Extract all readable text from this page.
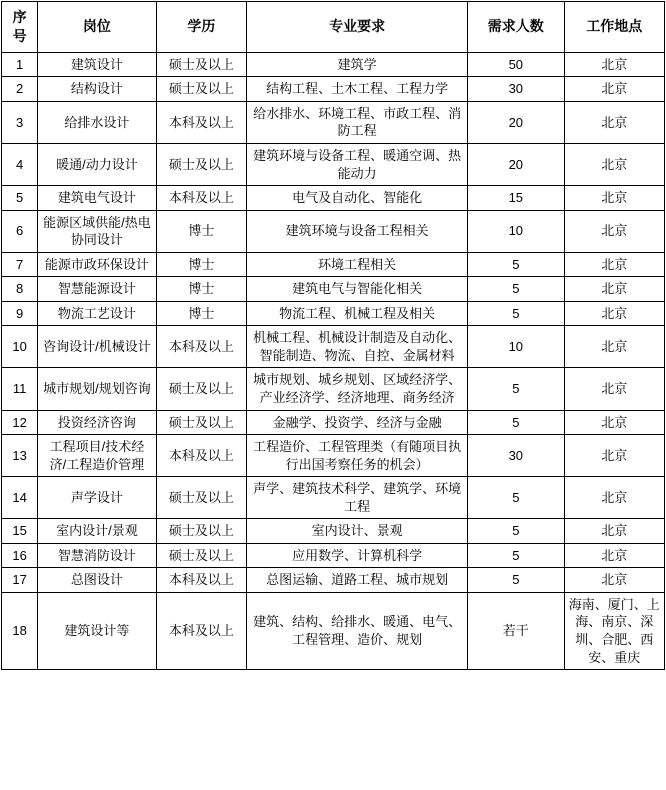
序
号	岗位	学历	专业要求	需求人数	工作地点
1	建筑设计	硕士及以上	建筑学	50	北京
2	结构设计	硕士及以上	结构工程、土木工程、工程力学	30	北京
3	给排水设计	本科及以上	给水排水、环境工程、市政工程、消防工程	20	北京
4	暖通/动力设计	硕士及以上	建筑环境与设备工程、暖通空调、热能动力	20	北京
5	建筑电气设计	本科及以上	电气及自动化、智能化	15	北京
6	能源区域供能/热电协同设计	博士	建筑环境与设备工程相关	10	北京
7	能源市政环保设计	博士	环境工程相关	5	北京
8	智慧能源设计	博士	建筑电气与智能化相关	5	北京
9	物流工艺设计	博士	物流工程、机械工程及相关	5	北京
10	咨询设计/机械设计	本科及以上	机械工程、机械设计制造及自动化、智能制造、物流、自控、金属材料	10	北京
11	城市规划/规划咨询	硕士及以上	城市规划、城乡规划、区域经济学、产业经济学、经济地理、商务经济	5	北京
12	投资经济咨询	硕士及以上	金融学、投资学、经济与金融	5	北京
13	工程项目/技术经济/工程造价管理	本科及以上	工程造价、工程管理类（有随项目执行出国考察任务的机会）	30	北京
14	声学设计	硕士及以上	声学、建筑技术科学、建筑学、环境工程	5	北京
15	室内设计/景观	硕士及以上	室内设计、景观	5	北京
16	智慧消防设计	硕士及以上	应用数学、计算机科学	5	北京
17	总图设计	本科及以上	总图运输、道路工程、城市规划	5	北京
18	建筑设计等	本科及以上	建筑、结构、给排水、暖通、电气、工程管理、造价、规划	若干	海南、厦门、上海、南京、深圳、合肥、西安、重庆
